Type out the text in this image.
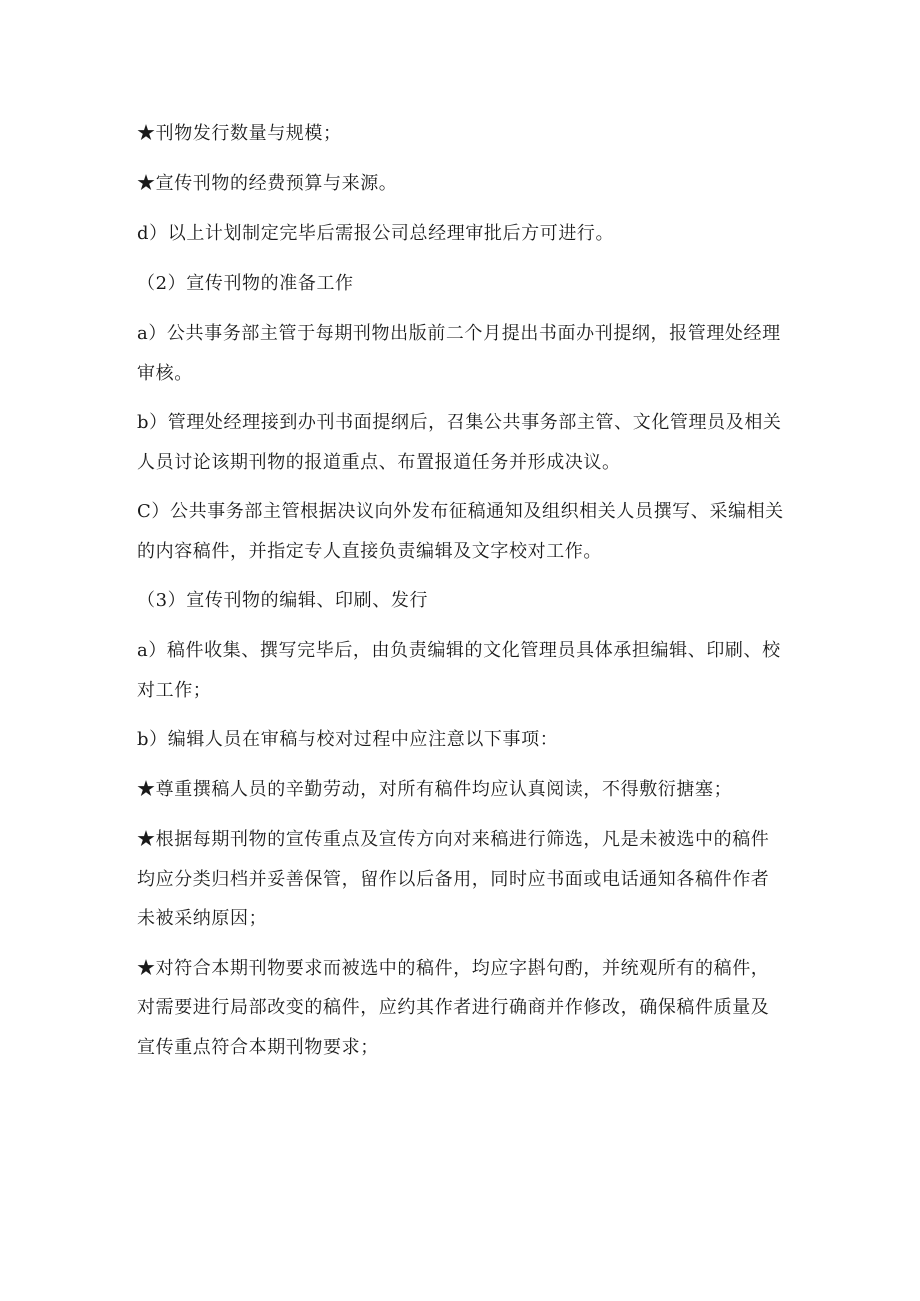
★刊物发行数量与规模；

★宣传刊物的经费预算与来源。

d）以上计划制定完毕后需报公司总经理审批后方可进行。

（2）宣传刊物的准备工作

a）公共事务部主管于每期刊物出版前二个月提出书面办刊提纲，报管理处经理审核。

b）管理处经理接到办刊书面提纲后，召集公共事务部主管、文化管理员及相关人员讨论该期刊物的报道重点、布置报道任务并形成决议。

C）公共事务部主管根据决议向外发布征稿通知及组织相关人员撰写、采编相关的内容稿件，并指定专人直接负责编辑及文字校对工作。

（3）宣传刊物的编辑、印刷、发行

a）稿件收集、撰写完毕后，由负责编辑的文化管理员具体承担编辑、印刷、校对工作；

b）编辑人员在审稿与校对过程中应注意以下事项：

★尊重撰稿人员的辛勤劳动，对所有稿件均应认真阅读，不得敷衍搪塞；

★根据每期刊物的宣传重点及宣传方向对来稿进行筛选，凡是未被选中的稿件均应分类归档并妥善保管，留作以后备用，同时应书面或电话通知各稿件作者未被采纳原因；

★对符合本期刊物要求而被选中的稿件，均应字斟句酌，并统观所有的稿件，对需要进行局部改变的稿件，应约其作者进行确商并作修改，确保稿件质量及宣传重点符合本期刊物要求；
